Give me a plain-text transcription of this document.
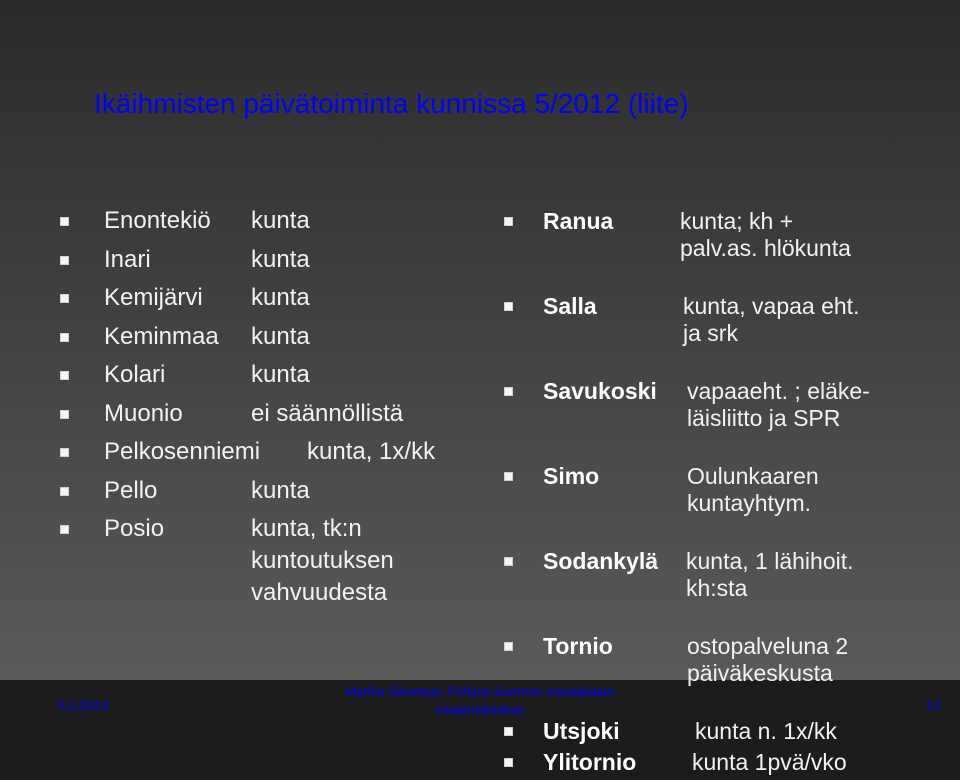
Ikäihmisten päivätoiminta kunnissa 5/2012 (liite)
Enontekiö kunta
Inari	kunta
Kemijärvi kunta
Keminmaa kunta
Kolari	kunta
Muonio	ei säännöllistä
Pelkosenniemi kunta, 1x/kk
Pello	kunta
Posio	kunta, tk:n
kuntoutuksen
vahvuudesta
Ranua	kunta; kh +
palv.as. hlökunta
Salla	kunta, vapaa eht.
ja srk
Savukoski vapaaeht. ; eläke-
läisliitto ja SPR
Simo	Oulunkaaren
kuntayhtym.
Sodankylä kunta, 1 lähihoit.
kh:sta
Tornio	ostopalveluna 2
päiväkeskusta
Utsjoki	kunta n. 1x/kk
Ylitornio kunta 1pvä/vko
5.2.2013
Marika Silvenius, Pohjois-Suomen sosiaalialan
osaamiskeskus	13
